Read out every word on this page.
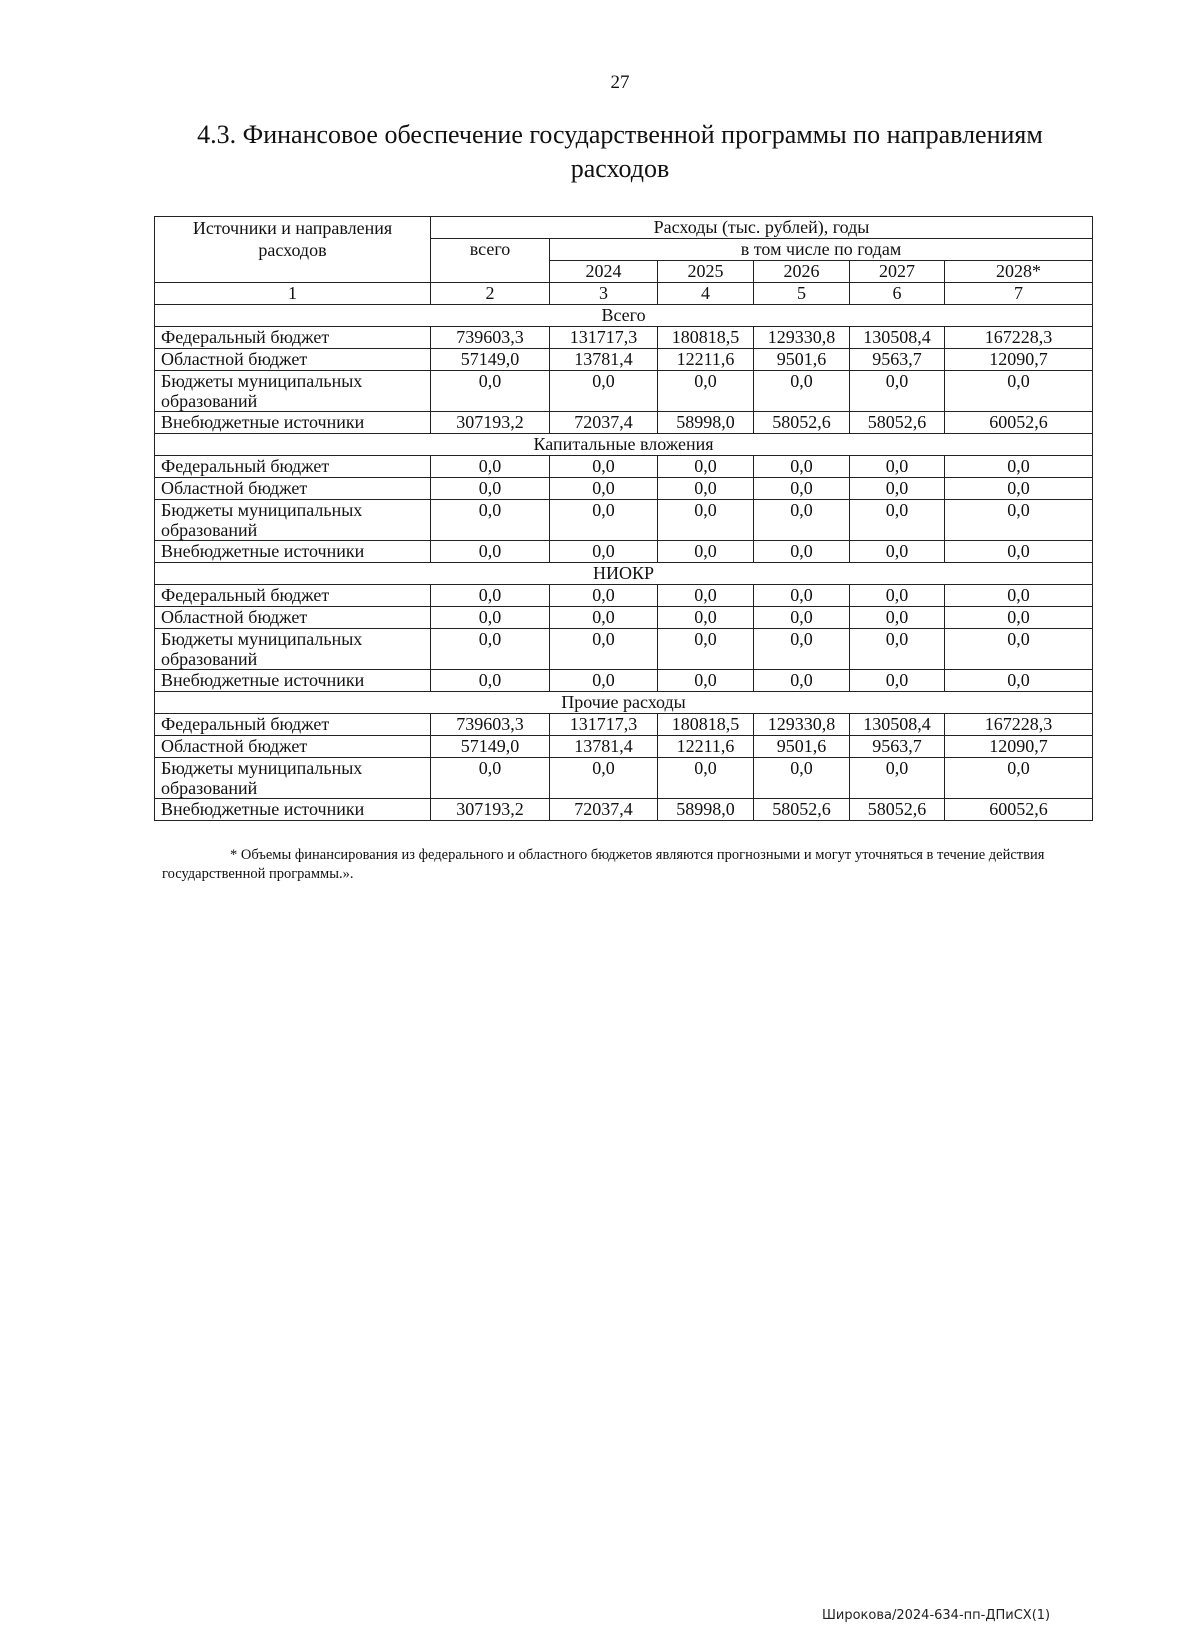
27
4.3. Финансовое обеспечение государственной программы по направлениям расходов
Источники и направления расходов	Расходы (тыс. рублей), годы					
	всего	в том числе по годам				
		2024	2025	2026	2027	2028*
1	2	3	4	5	6	7
Всего						
Федеральный бюджет	739603,3	131717,3	180818,5	129330,8	130508,4	167228,3
Областной бюджет	57149,0	13781,4	12211,6	9501,6	9563,7	12090,7
Бюджеты муниципальных образований	0,0	0,0	0,0	0,0	0,0	0,0
Внебюджетные источники	307193,2	72037,4	58998,0	58052,6	58052,6	60052,6
Капитальные вложения						
Федеральный бюджет	0,0	0,0	0,0	0,0	0,0	0,0
Областной бюджет	0,0	0,0	0,0	0,0	0,0	0,0
Бюджеты муниципальных образований	0,0	0,0	0,0	0,0	0,0	0,0
Внебюджетные источники	0,0	0,0	0,0	0,0	0,0	0,0
НИОКР						
Федеральный бюджет	0,0	0,0	0,0	0,0	0,0	0,0
Областной бюджет	0,0	0,0	0,0	0,0	0,0	0,0
Бюджеты муниципальных образований	0,0	0,0	0,0	0,0	0,0	0,0
Внебюджетные источники	0,0	0,0	0,0	0,0	0,0	0,0
Прочие расходы						
Федеральный бюджет	739603,3	131717,3	180818,5	129330,8	130508,4	167228,3
Областной бюджет	57149,0	13781,4	12211,6	9501,6	9563,7	12090,7
Бюджеты муниципальных образований	0,0	0,0	0,0	0,0	0,0	0,0
Внебюджетные источники	307193,2	72037,4	58998,0	58052,6	58052,6	60052,6
* Объемы финансирования из федерального и областного бюджетов являются прогнозными и могут уточняться в течение действия государственной программы.».
Широкова/2024-634-пп-ДПиСХ(1)
